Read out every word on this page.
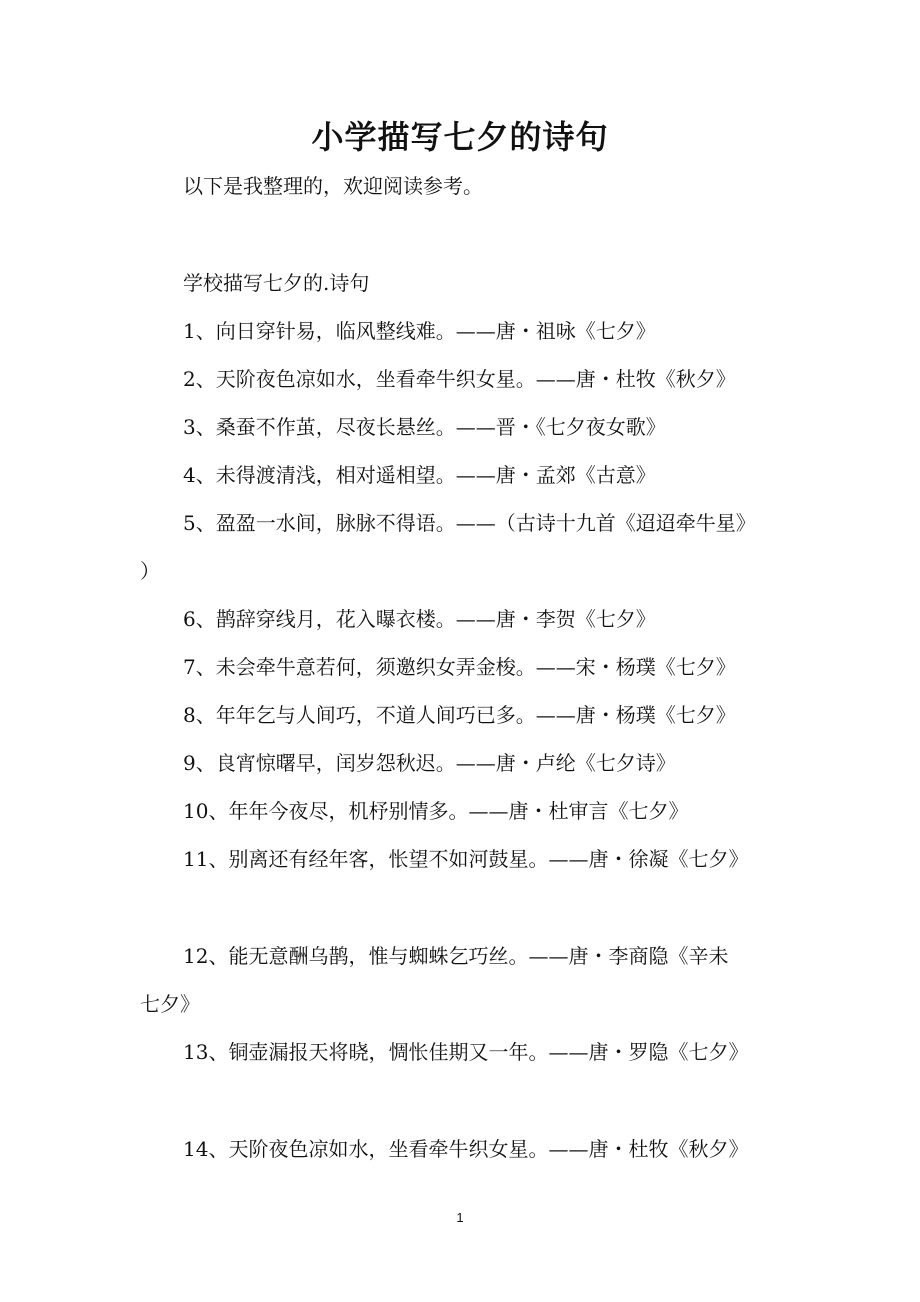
小学描写七夕的诗句

以下是我整理的，欢迎阅读参考。

学校描写七夕的.诗句

1、向日穿针易，临风整线难。——唐・祖咏《七夕》

2、天阶夜色凉如水，坐看牵牛织女星。——唐・杜牧《秋夕》

3、桑蚕不作茧，尽夜长悬丝。——晋・《七夕夜女歌》

4、未得渡清浅，相对遥相望。——唐・孟郊《古意》

5、盈盈一水间，脉脉不得语。——（古诗十九首《迢迢牵牛星》

）

6、鹊辞穿线月，花入曝衣楼。——唐・李贺《七夕》

7、未会牵牛意若何，须邀织女弄金梭。——宋・杨璞《七夕》

8、年年乞与人间巧，不道人间巧已多。——唐・杨璞《七夕》

9、良宵惊曙早，闰岁怨秋迟。——唐・卢纶《七夕诗》

10、年年今夜尽，机杼别情多。——唐・杜审言《七夕》

11、别离还有经年客，怅望不如河鼓星。——唐・徐凝《七夕》

12、能无意酬乌鹊，惟与蜘蛛乞巧丝。——唐・李商隐《辛未

七夕》

13、铜壶漏报天将晓，惆怅佳期又一年。——唐・罗隐《七夕》

14、天阶夜色凉如水，坐看牵牛织女星。——唐・杜牧《秋夕》

1
